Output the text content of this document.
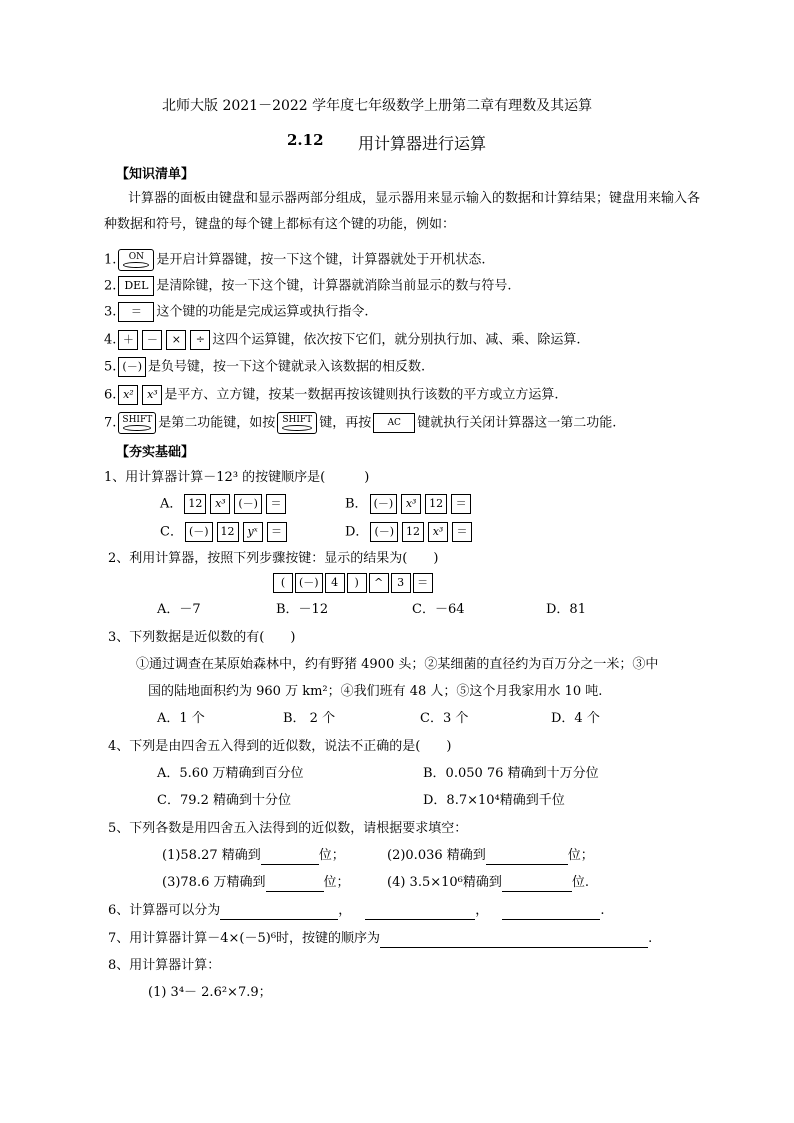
北师大版 2021－2022 学年度七年级数学上册第二章有理数及其运算
2.12 用计算器进行运算
【知识清单】
计算器的面板由键盘和显示器两部分组成，显示器用来显示输入的数据和计算结果；键盘用来输入各
种数据和符号，键盘的每个键上都标有这个键的功能，例如：
1. ON 是开启计算器键，按一下这个键，计算器就处于开机状态.
2. DEL 是清除键，按一下这个键，计算器就消除当前显示的数与符号.
3. ＝ 这个键的功能是完成运算或执行指令.
4. ＋ － × ÷ 这四个运算键，依次按下它们，就分别执行加、减、乘、除运算.
5. (－) 是负号键，按一下这个键就录入该数据的相反数.
6. x² x³ 是平方、立方键，按某一数据再按该键则执行该数的平方或立方运算.
7. SHIFT 是第二功能键，如按 SHIFT 键，再按 AC 键就执行关闭计算器这一第二功能.
【夯实基础】
1、用计算器计算－12³ 的按键顺序是(　　　)
A． 12 x³ (－) ＝	B． (－) x³ 12 ＝
C． (－) 12 yˣ ＝	D． (－) 12 x³ ＝
2、利用计算器，按照下列步骤按键：显示的结果为(　　)
( (－) 4 ) ^ 3 ＝
A．－7	B．－12	C．－64	D．81
3、下列数据是近似数的有(　　)
①通过调查在某原始森林中，约有野猪 4900 头；②某细菌的直径约为百万分之一米；③中
国的陆地面积约为 960 万 km²；④我们班有 48 人；⑤这个月我家用水 10 吨.
A．1 个	B． 2 个	C．3 个	D．4 个
4、下列是由四舍五入得到的近似数，说法不正确的是(　　)
A．5.60 万精确到百分位	B．0.050 76 精确到十万分位
C．79.2 精确到十分位	D．8.7×10⁴精确到千位
5、下列各数是用四舍五入法得到的近似数，请根据要求填空：
(1)58.27 精确到	位；	(2)0.036 精确到	位；
(3)78.6 万精确到	位；	(4) 3.5×10⁶精确到	位.
6、计算器可以分为	，	，	.
7、用计算器计算－4×(－5)⁶时，按键的顺序为	.
8、用计算器计算：
(1) 3⁴－ 2.6²×7.9；
